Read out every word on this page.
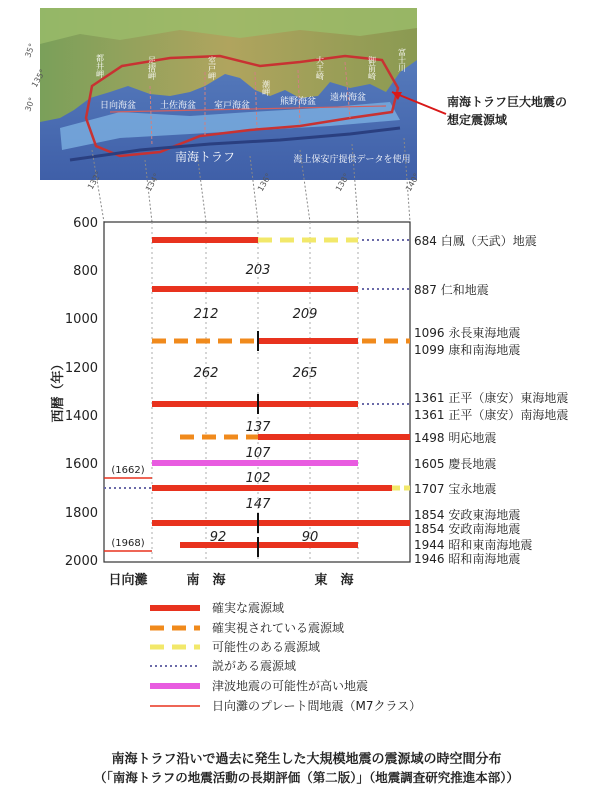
南海トラフ	海上保安庁提供データを使用
日向海盆	土佐海盆 室戸海盆	熊野海盆 遠州海盆
足摺岬	室戸岬
潮岬
大王崎	御前崎	富士川
都井岬
35°
30°
135°
132°	134°	136°	138°	140°
南海トラフ巨大地震の
想定震源域
西暦（年）
600
800
1000
1200
1400
1600
1800
2000
(1662)
(1968)
203
212	209
262	265
137
107
102
147
92	90
684 白鳳（天武）地震
887 仁和地震
1096 永長東海地震
1099 康和南海地震
1361 正平（康安）東海地震
1361 正平（康安）南海地震
1498 明応地震
1605 慶長地震
1707 宝永地震
1854 安政東海地震
1854 安政南海地震
1944 昭和東南海地震
1946 昭和南海地震
日向灘	南　海	東　海
確実な震源域
確実視されている震源域
可能性のある震源域
説がある震源域
津波地震の可能性が高い地震
日向灘のプレート間地震（M7クラス）
南海トラフ沿いで過去に発生した大規模地震の震源域の時空間分布
（「南海トラフの地震活動の長期評価（第二版）」（地震調査研究推進本部））
